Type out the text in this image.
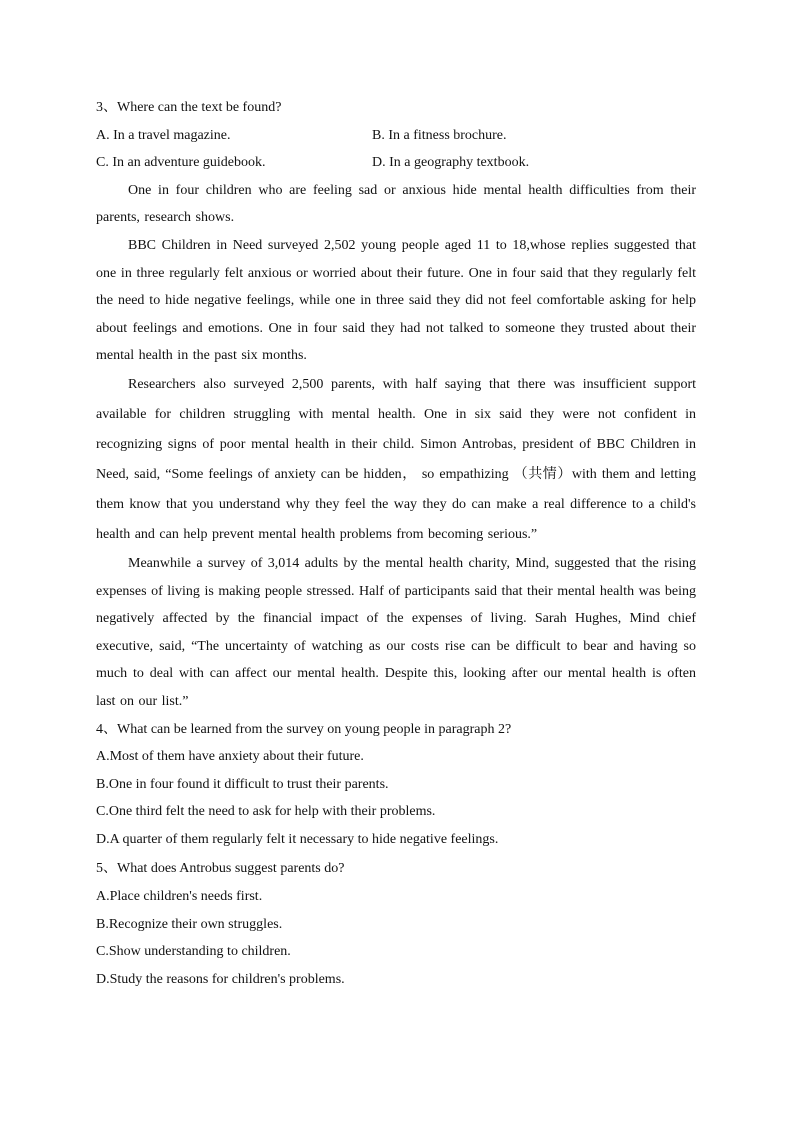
3、Where can the text be found?
A. In a travel magazine.	B. In a fitness brochure.
C. In an adventure guidebook.	D. In a geography textbook.

One in four children who are feeling sad or anxious hide mental health difficulties from their parents, research shows.

BBC Children in Need surveyed 2,502 young people aged 11 to 18,whose replies suggested that one in three regularly felt anxious or worried about their future. One in four said that they regularly felt the need to hide negative feelings, while one in three said they did not feel comfortable asking for help about feelings and emotions. One in four said they had not talked to someone they trusted about their mental health in the past six months.

Researchers also surveyed 2,500 parents, with half saying that there was insufficient support available for children struggling with mental health. One in six said they were not confident in recognizing signs of poor mental health in their child. Simon Antrobas, president of BBC Children in Need, said, “Some feelings of anxiety can be hidden， so empathizing （共情）with them and letting them know that you understand why they feel the way they do can make a real difference to a child's health and can help prevent mental health problems from becoming serious.”

Meanwhile a survey of 3,014 adults by the mental health charity, Mind, suggested that the rising expenses of living is making people stressed. Half of participants said that their mental health was being negatively affected by the financial impact of the expenses of living. Sarah Hughes, Mind chief executive, said, “The uncertainty of watching as our costs rise can be difficult to bear and having so much to deal with can affect our mental health. Despite this, looking after our mental health is often last on our list.”

4、What can be learned from the survey on young people in paragraph 2?
A.Most of them have anxiety about their future.
B.One in four found it difficult to trust their parents.
C.One third felt the need to ask for help with their problems.
D.A quarter of them regularly felt it necessary to hide negative feelings.
5、What does Antrobus suggest parents do?
A.Place children's needs first.
B.Recognize their own struggles.
C.Show understanding to children.
D.Study the reasons for children's problems.
